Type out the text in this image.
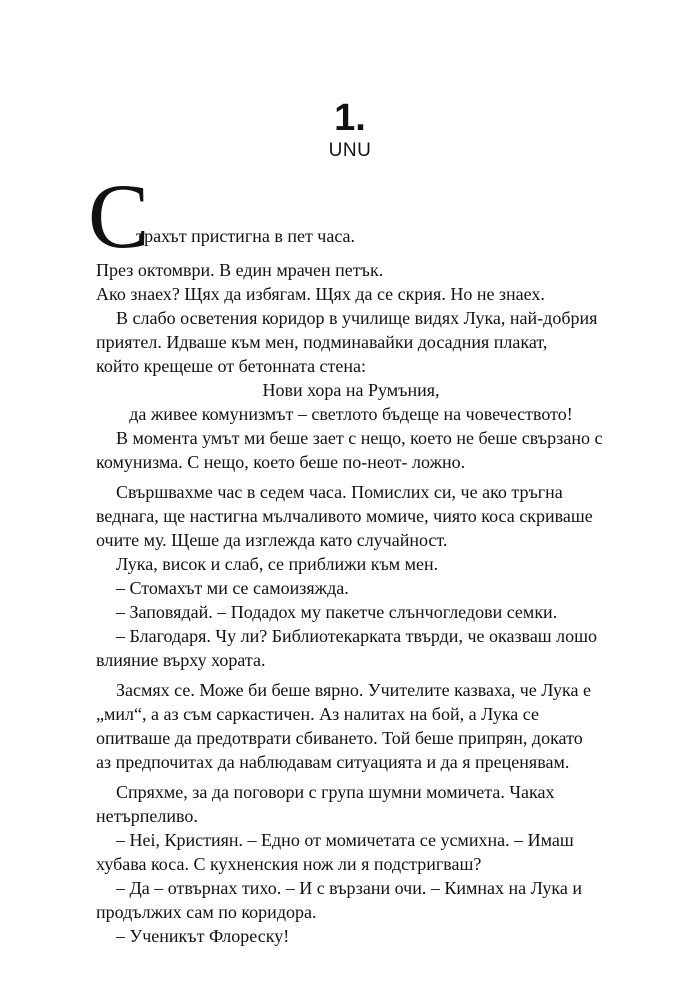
1.
UNU
С
трахът пристигна в пет часа.
През октомври. В един мрачен петък.
Ако знаех? Щях да избягам. Щях да се скрия. Но не знаех.
В слабо осветения коридор в училище видях Лука, най-добрия
приятел. Идваше към мен, подминавайки досадния плакат,
който крещеше от бетонната стена:
Нови хора на Румъния,
да живее комунизмът – светлото бъдеще на човечеството!
В момента умът ми беше зает с нещо, което не беше свързано с
комунизма. С нещо, което беше по-неот- ложно.
Свършвахме час в седем часа. Помислих си, че ако тръгна
веднага, ще настигна мълчаливото момиче, чиято коса скриваше
очите му. Щеше да изглежда като случайност.
Лука, висок и слаб, се приближи към мен.
– Стомахът ми се самоизяжда.
– Заповядай. – Подадох му пакетче слънчогледови семки.
– Благодаря. Чу ли? Библиотекарката твърди, че оказваш лошо
влияние върху хората.
Засмях се. Може би беше вярно. Учителите казваха, че Лука е
„мил“, а аз съм саркастичен. Аз налитах на бой, а Лука се
опитваше да предотврати сбиването. Той беше припрян, докато
аз предпочитах да наблюдавам ситуацията и да я преценявам.
Спряхме, за да поговори с група шумни момичета. Чаках
нетърпеливо.
– Неi, Кристиян. – Едно от момичетата се усмихна. – Имаш
хубава коса. С кухненския нож ли я подстригваш?
– Да – отвърнах тихо. – И с вързани очи. – Кимнах на Лука и
продължих сам по коридора.
– Ученикът Флореску!
